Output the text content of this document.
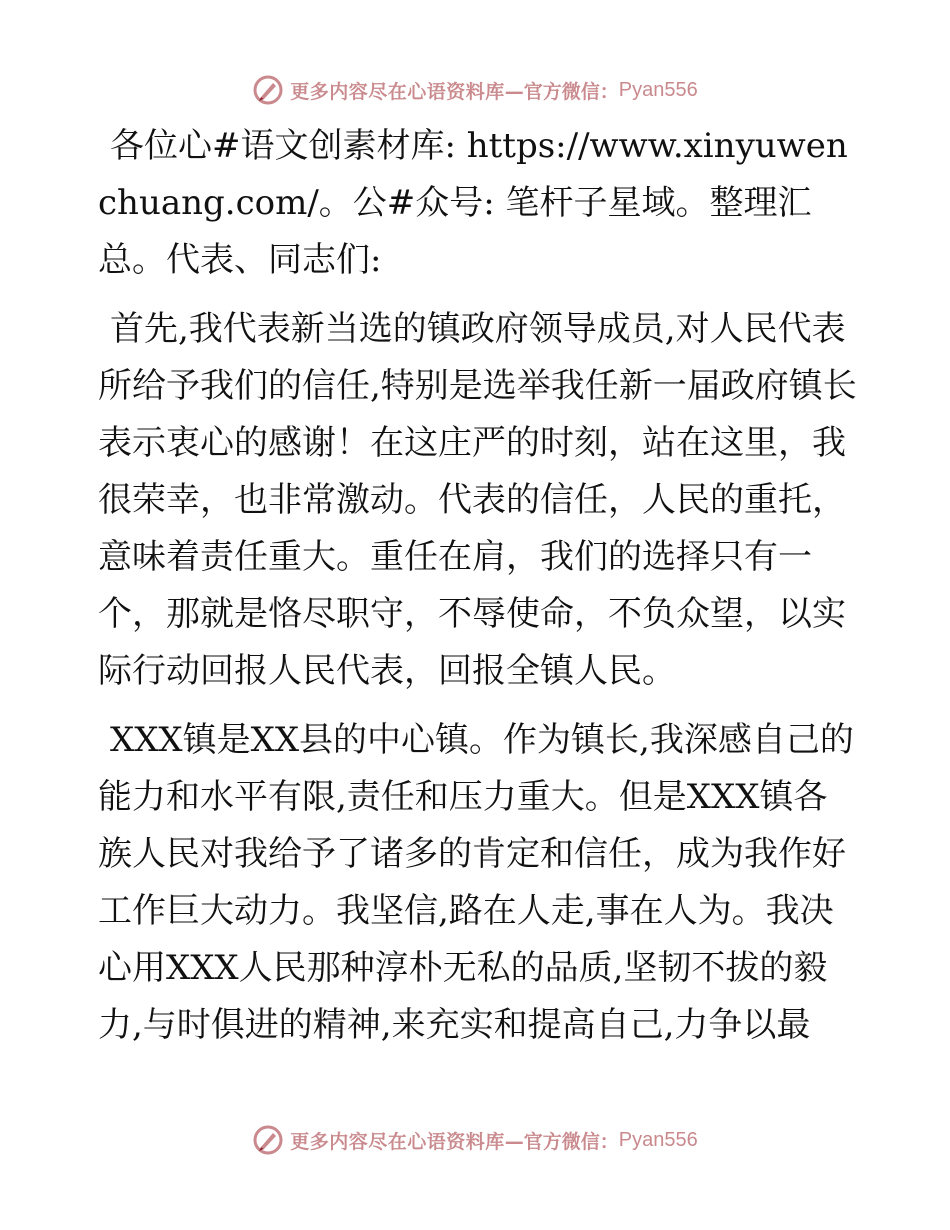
更多内容尽在心语资料库 —官方微信： Pyan556

各位心#语文创素材库: https://www.xinyuwenchuang.com/。公#众号: 笔杆子星域。整理汇总。代表、同志们:

首先,我代表新当选的镇政府领导成员,对人民代表所给予我们的信任,特别是选举我任新一届政府镇长表示衷心的感谢！在这庄严的时刻，站在这里，我很荣幸，也非常激动。代表的信任，人民的重托，意味着责任重大。重任在肩，我们的选择只有一个，那就是恪尽职守，不辱使命，不负众望，以实际行动回报人民代表，回报全镇人民。

XXX镇是XX县的中心镇。作为镇长,我深感自己的能力和水平有限,责任和压力重大。但是XXX镇各族人民对我给予了诸多的肯定和信任，成为我作好工作巨大动力。我坚信,路在人走,事在人为。我决心用XXX人民那种淳朴无私的品质,坚韧不拔的毅力,与时俱进的精神,来充实和提高自己,力争以最

更多内容尽在心语资料库 —官方微信： Pyan556
